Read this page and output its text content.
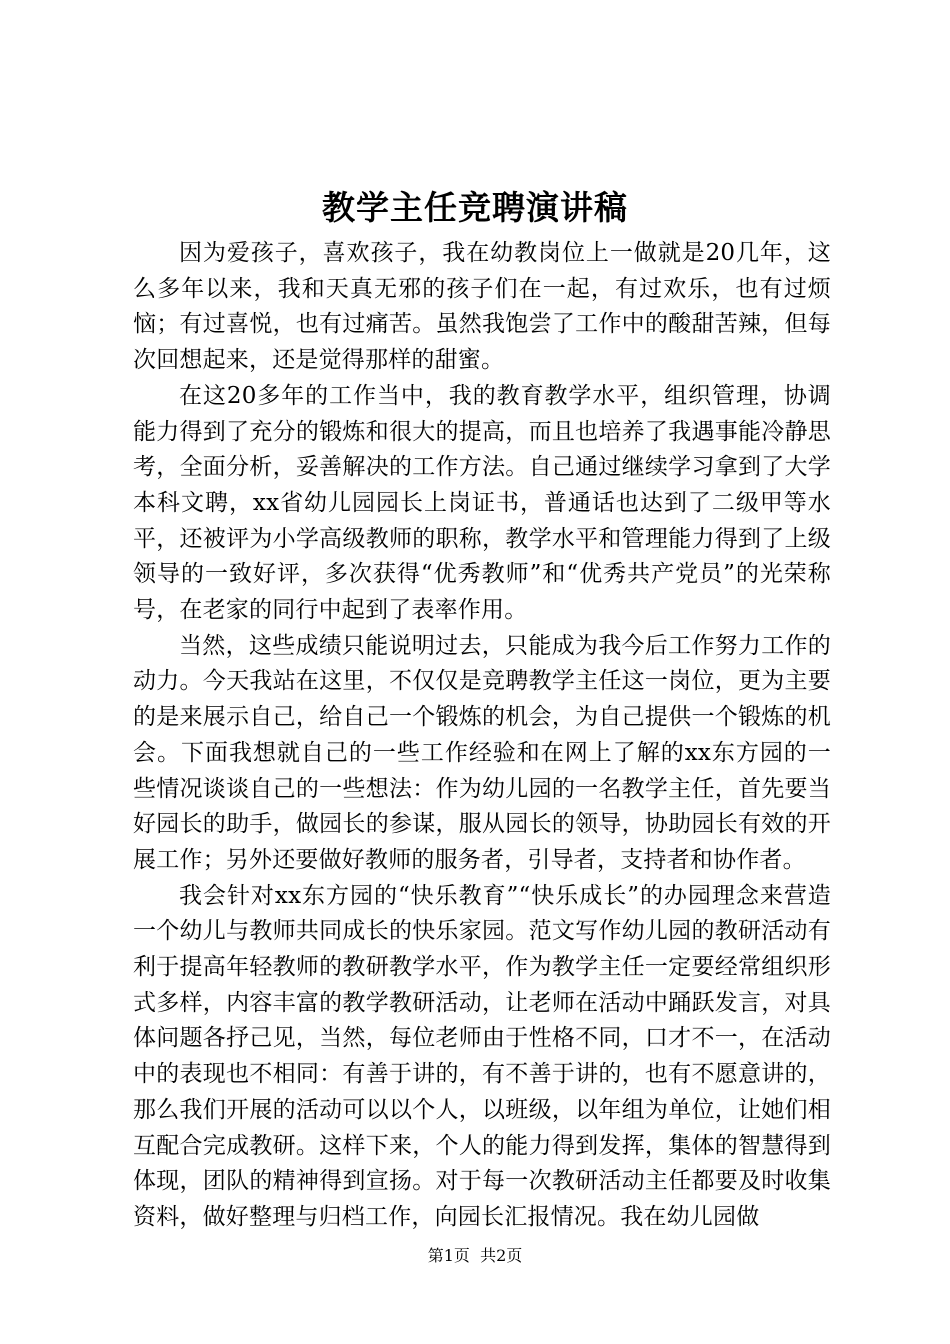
教学主任竞聘演讲稿

因为爱孩子，喜欢孩子，我在幼教岗位上一做就是20几年，这么多年以来，我和天真无邪的孩子们在一起，有过欢乐，也有过烦恼；有过喜悦，也有过痛苦。虽然我饱尝了工作中的酸甜苦辣，但每次回想起来，还是觉得那样的甜蜜。

在这20多年的工作当中，我的教育教学水平，组织管理，协调能力得到了充分的锻炼和很大的提高，而且也培养了我遇事能冷静思考，全面分析，妥善解决的工作方法。自己通过继续学习拿到了大学本科文聘，xx省幼儿园园长上岗证书，普通话也达到了二级甲等水平，还被评为小学高级教师的职称，教学水平和管理能力得到了上级领导的一致好评，多次获得“优秀教师”和“优秀共产党员”的光荣称号，在老家的同行中起到了表率作用。

当然，这些成绩只能说明过去，只能成为我今后工作努力工作的动力。今天我站在这里，不仅仅是竞聘教学主任这一岗位，更为主要的是来展示自己，给自己一个锻炼的机会，为自己提供一个锻炼的机会。下面我想就自己的一些工作经验和在网上了解的xx东方园的一些情况谈谈自己的一些想法：作为幼儿园的一名教学主任，首先要当好园长的助手，做园长的参谋，服从园长的领导，协助园长有效的开展工作；另外还要做好教师的服务者，引导者，支持者和协作者。

我会针对xx东方园的“快乐教育”“快乐成长”的办园理念来营造一个幼儿与教师共同成长的快乐家园。范文写作幼儿园的教研活动有利于提高年轻教师的教研教学水平，作为教学主任一定要经常组织形式多样，内容丰富的教学教研活动，让老师在活动中踊跃发言，对具体问题各抒己见，当然，每位老师由于性格不同，口才不一，在活动中的表现也不相同：有善于讲的，有不善于讲的，也有不愿意讲的，那么我们开展的活动可以以个人，以班级，以年组为单位，让她们相互配合完成教研。这样下来，个人的能力得到发挥，集体的智慧得到体现，团队的精神得到宣扬。对于每一次教研活动主任都要及时收集资料，做好整理与归档工作，向园长汇报情况。我在幼儿园做

第1页 共2页
